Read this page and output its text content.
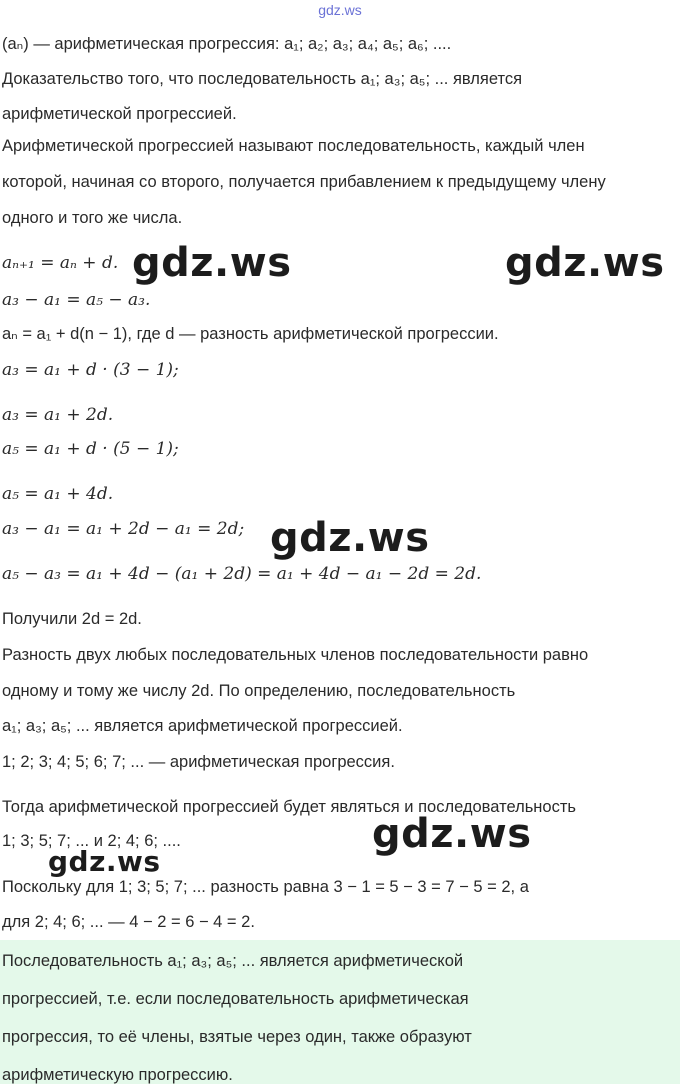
gdz.ws
(aₙ) — арифметическая прогрессия: a₁; a₂; a₃; a₄; a₅; a₆; ....
Доказательство того, что последовательность a₁; a₃; a₅; ... является
арифметической прогрессией.
Арифметической прогрессией называют последовательность, каждый член
которой, начиная со второго, получается прибавлением к предыдущему члену
одного и того же числа.
aₙ₊₁ = aₙ + d.
a₃ − a₁ = a₅ − a₃.
aₙ = a₁ + d(n − 1), где d — разность арифметической прогрессии.
a₃ = a₁ + d · (3 − 1);
a₃ = a₁ + 2d.
a₅ = a₁ + d · (5 − 1);
a₅ = a₁ + 4d.
a₃ − a₁ = a₁ + 2d − a₁ = 2d;
a₅ − a₃ = a₁ + 4d − (a₁ + 2d) = a₁ + 4d − a₁ − 2d = 2d.
Получили 2d = 2d.
Разность двух любых последовательных членов последовательности равно
одному и тому же числу 2d. По определению, последовательность
a₁; a₃; a₅; ... является арифметической прогрессией.
1; 2; 3; 4; 5; 6; 7; ... — арифметическая прогрессия.
Тогда арифметической прогрессией будет являться и последовательность
1; 3; 5; 7; ... и 2; 4; 6; ....
Поскольку для 1; 3; 5; 7; ... разность равна 3 − 1 = 5 − 3 = 7 − 5 = 2, а
для 2; 4; 6; ... — 4 − 2 = 6 − 4 = 2.
Последовательность a₁; a₃; a₅; ... является арифметической
прогрессией, т.е. если последовательность арифметическая
прогрессия, то её члены, взятые через один, также образуют
арифметическую прогрессию.
gdz.ws	gdz.ws
gdz.ws
gdz.ws
gdz.ws
